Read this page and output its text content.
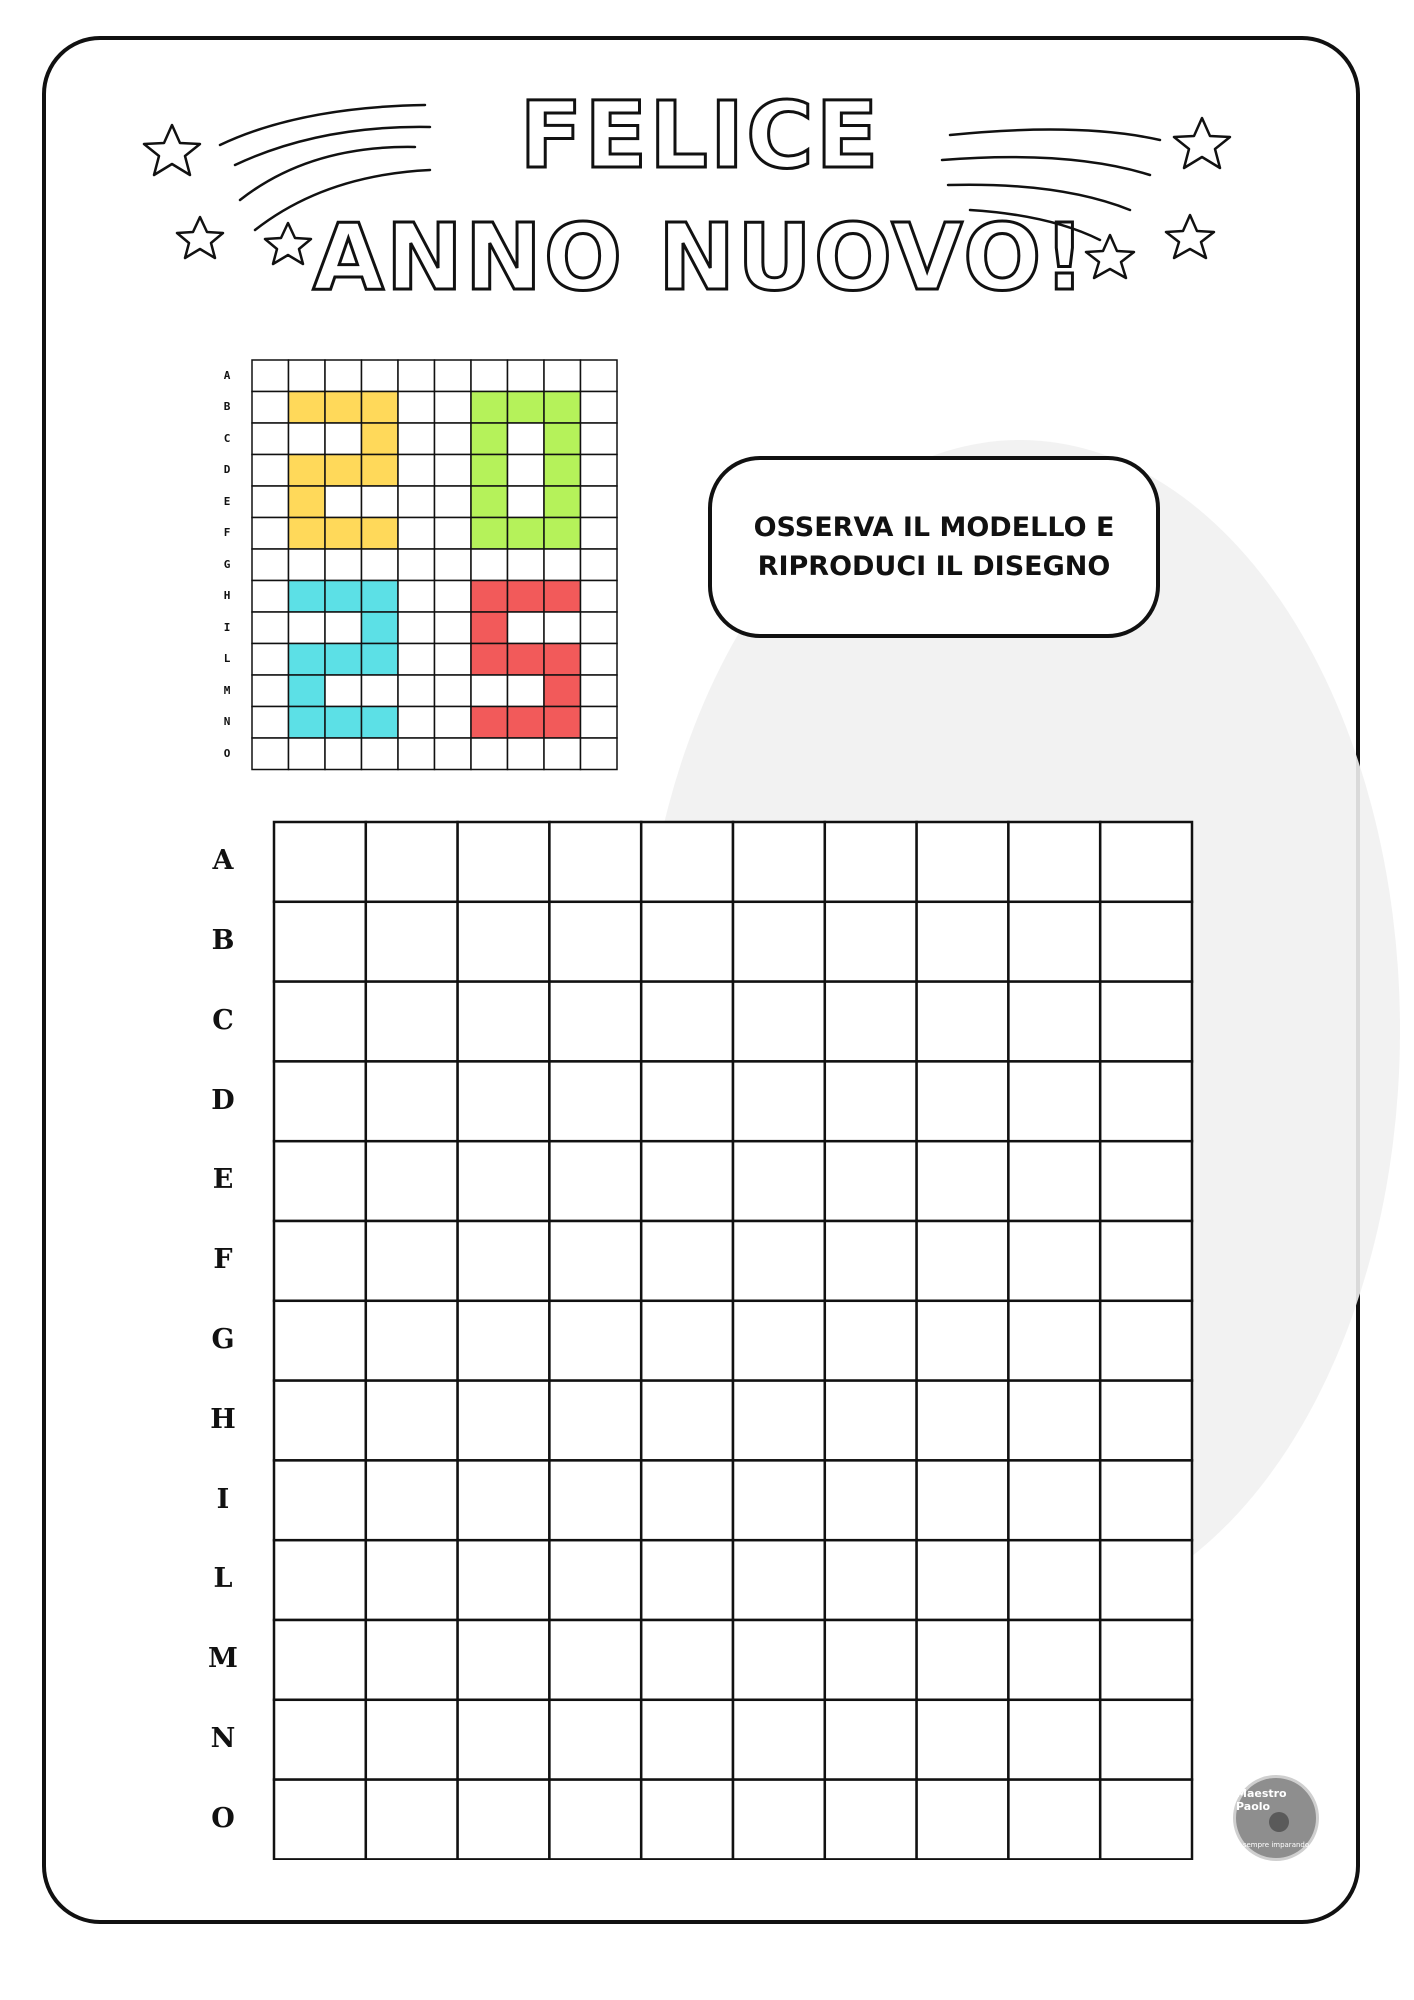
FELICE
ANNO NUOVO!
A
B
C
D
E
F
G
H
I
L
M
N
O
OSSERVA IL MODELLO E
RIPRODUCI IL DISEGNO
A
B
C
D
E
F
G
H
I
L
M
N
O
Maestro Paolo
sempre imparando
